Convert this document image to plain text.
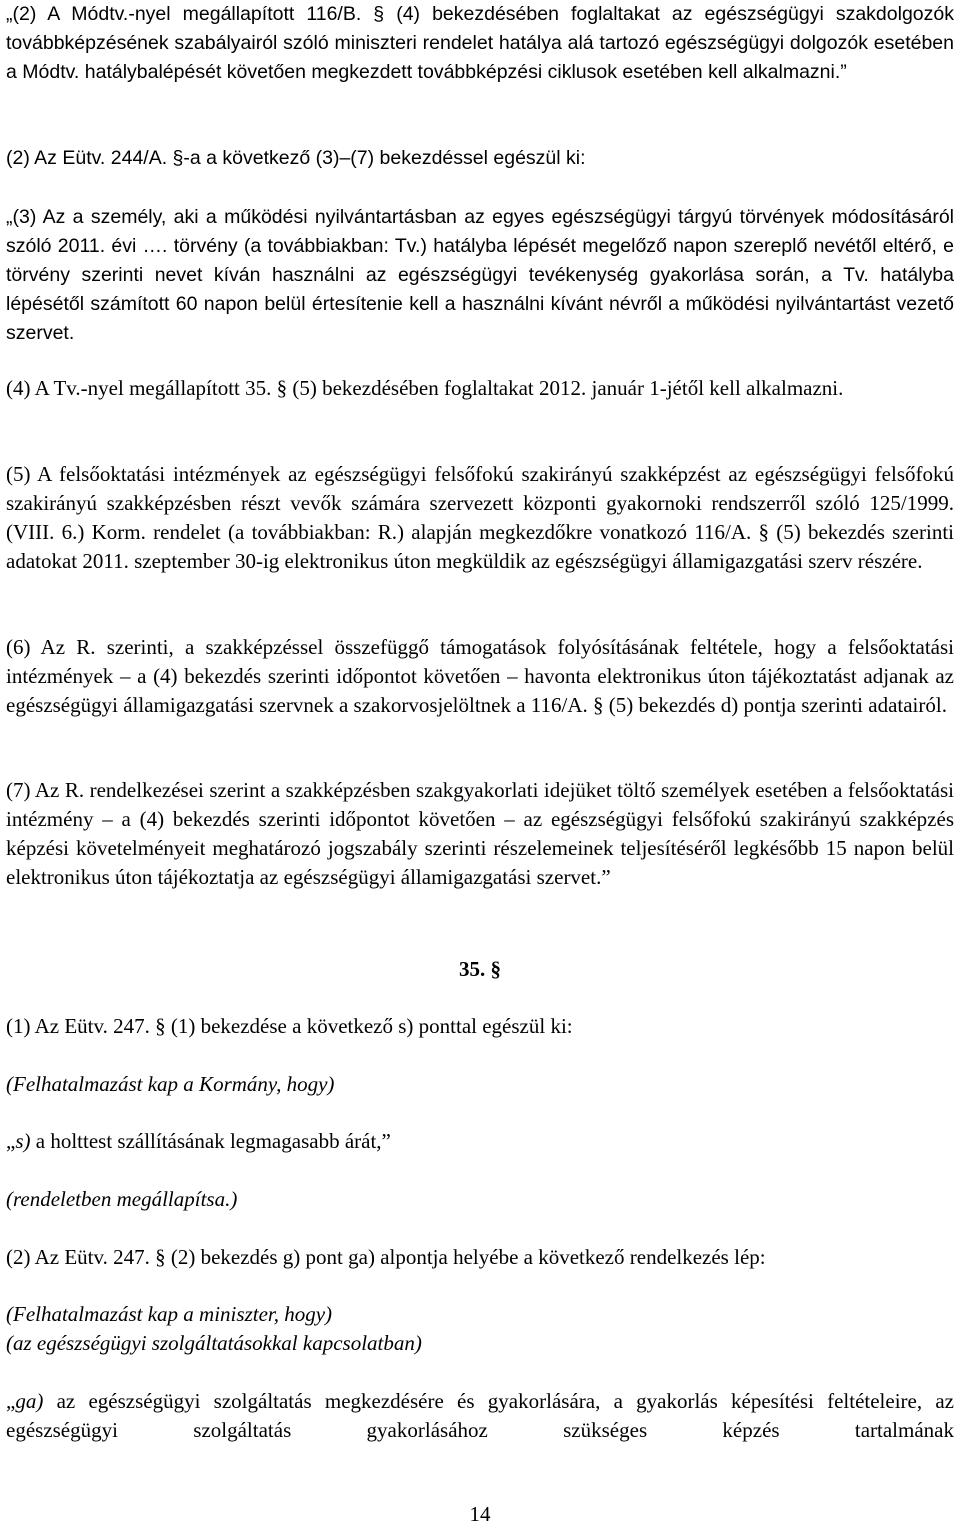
„(2) A Módtv.-nyel megállapított 116/B. § (4) bekezdésében foglaltakat az egészségügyi szakdolgozók továbbképzésének szabályairól szóló miniszteri rendelet hatálya alá tartozó egészségügyi dolgozók esetében a Módtv. hatálybalépését követően megkezdett továbbképzési ciklusok esetében kell alkalmazni.”

(2) Az Eütv. 244/A. §-a a következő (3)–(7) bekezdéssel egészül ki:

„(3) Az a személy, aki a működési nyilvántartásban az egyes egészségügyi tárgyú törvények módosításáról szóló 2011. évi …. törvény (a továbbiakban: Tv.) hatályba lépését megelőző napon szereplő nevétől eltérő, e törvény szerinti nevet kíván használni az egészségügyi tevékenység gyakorlása során, a Tv. hatályba lépésétől számított 60 napon belül értesítenie kell a használni kívánt névről a működési nyilvántartást vezető szervet.

(4) A Tv.-nyel megállapított 35. § (5) bekezdésében foglaltakat 2012. január 1-jétől kell alkalmazni.

(5) A felsőoktatási intézmények az egészségügyi felsőfokú szakirányú szakképzést az egészségügyi felsőfokú szakirányú szakképzésben részt vevők számára szervezett központi gyakornoki rendszerről szóló 125/1999. (VIII. 6.) Korm. rendelet (a továbbiakban: R.) alapján megkezdőkre vonatkozó 116/A. § (5) bekezdés szerinti adatokat 2011. szeptember 30-ig elektronikus úton megküldik az egészségügyi államigazgatási szerv részére.

(6) Az R. szerinti, a szakképzéssel összefüggő támogatások folyósításának feltétele, hogy a felsőoktatási intézmények – a (4) bekezdés szerinti időpontot követően – havonta elektronikus úton tájékoztatást adjanak az egészségügyi államigazgatási szervnek a szakorvosjelöltnek a 116/A. § (5) bekezdés d) pontja szerinti adatairól.

(7) Az R. rendelkezései szerint a szakképzésben szakgyakorlati idejüket töltő személyek esetében a felsőoktatási intézmény – a (4) bekezdés szerinti időpontot követően – az egészségügyi felsőfokú szakirányú szakképzés képzési követelményeit meghatározó jogszabály szerinti részelemeinek teljesítéséről legkésőbb 15 napon belül elektronikus úton tájékoztatja az egészségügyi államigazgatási szervet.”

35. §

(1) Az Eütv. 247. § (1) bekezdése a következő s) ponttal egészül ki:

(Felhatalmazást kap a Kormány, hogy)

„s) a holttest szállításának legmagasabb árát,”

(rendeletben megállapítsa.)

(2) Az Eütv. 247. § (2) bekezdés g) pont ga) alpontja helyébe a következő rendelkezés lép:

(Felhatalmazást kap a miniszter, hogy)

(az egészségügyi szolgáltatásokkal kapcsolatban)

„ga) az egészségügyi szolgáltatás megkezdésére és gyakorlására, a gyakorlás képesítési feltételeire, az egészségügyi szolgáltatás gyakorlásához szükséges képzés tartalmának

14
